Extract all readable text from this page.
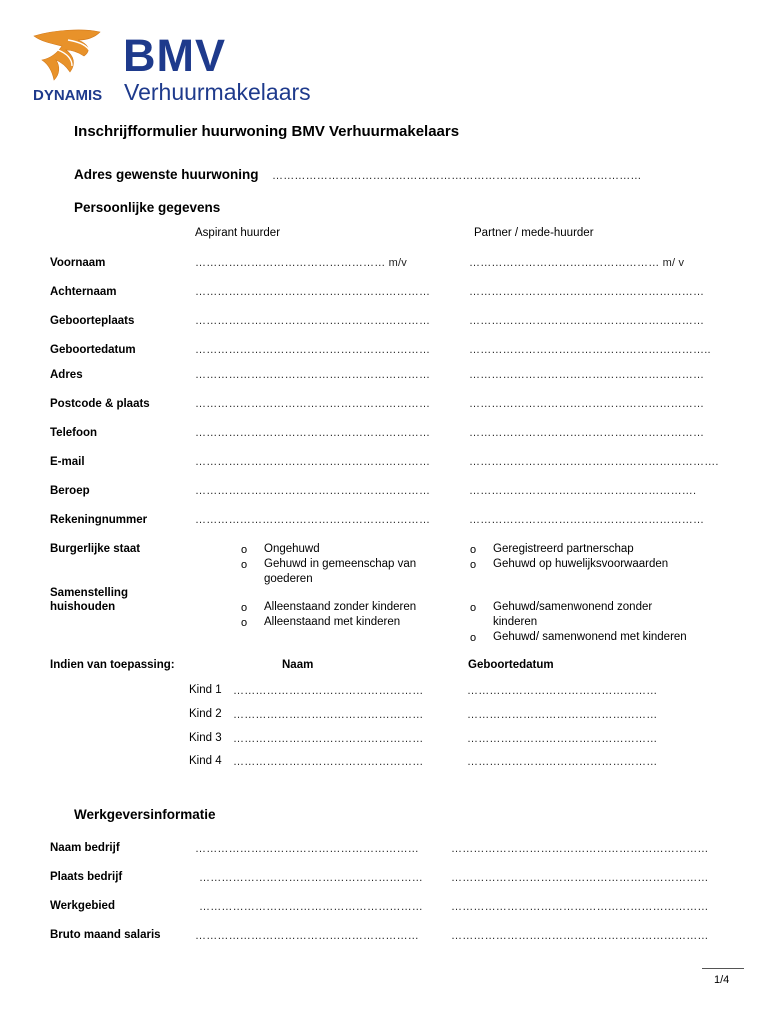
BMV
Verhuurmakelaars
DYNAMIS
Inschrijfformulier huurwoning BMV Verhuurmakelaars
Adres gewenste huurwoning ………………………………………………………………………………………
Persoonlijke gegevens
Aspirant huurder	Partner / mede-huurder
Voornaam	…………………………………………… m/v	…………………………………………… m/ v
Achternaam	………………………………………………………	………………………………………………………
Geboorteplaats	………………………………………………………	………………………………………………………
Geboortedatum	………………………………………………………	………………………………………………………..
Adres	………………………………………………………	………………………………………………………
Postcode & plaats	………………………………………………………	………………………………………………………
Telefoon	………………………………………………………	………………………………………………………
E-mail	………………………………………………………	………………………………………………………….
Beroep	………………………………………………………	…………………………………………………….
Rekeningnummer	………………………………………………………	………………………………………………………
Burgerlijke staat	o Ongehuwd
o Gehuwd in gemeenschap van
goederen
o Geregistreerd partnerschap
o Gehuwd op huwelijksvoorwaarden
Samenstelling
huishouden	o Alleenstaand zonder kinderen
o Alleenstaand met kinderen
o Gehuwd/samenwonend zonder
kinderen
o Gehuwd/ samenwonend met kinderen
Indien van toepassing:	Naam	Geboortedatum
Kind 1 ……………………………………………	……………………………………………
Kind 2 ……………………………………………	……………………………………………
Kind 3 ……………………………………………	……………………………………………
Kind 4 ……………………………………………	……………………………………………
Werkgeversinformatie
Naam bedrijf	……………………………………………………	……………………………………………………………
Plaats bedrijf	……………………………………………………	……………………………………………………………
Werkgebied	……………………………………………………	……………………………………………………………
Bruto maand salaris	……………………………………………………	……………………………………………………………
1/4
